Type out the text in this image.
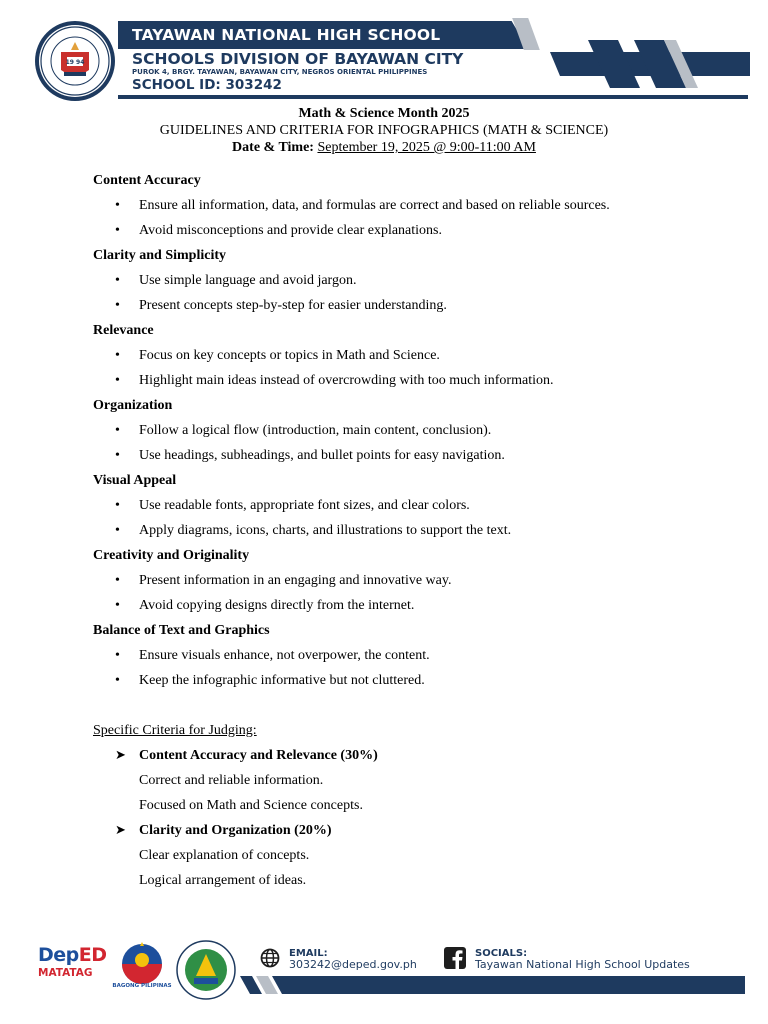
19 94
TAYAWAN NATIONAL HIGH SCHOOL
SCHOOLS DIVISION OF BAYAWAN CITY
PUROK 4, BRGY. TAYAWAN, BAYAWAN CITY, NEGROS ORIENTAL PHILIPPINES
SCHOOL ID: 303242
Math & Science Month 2025
GUIDELINES AND CRITERIA FOR INFOGRAPHICS (MATH & SCIENCE)
Date & Time: September 19, 2025 @ 9:00-11:00 AM
Content Accuracy
• Ensure all information, data, and formulas are correct and based on reliable sources.
• Avoid misconceptions and provide clear explanations.
Clarity and Simplicity
• Use simple language and avoid jargon.
• Present concepts step-by-step for easier understanding.
Relevance
• Focus on key concepts or topics in Math and Science.
• Highlight main ideas instead of overcrowding with too much information.
Organization
• Follow a logical flow (introduction, main content, conclusion).
• Use headings, subheadings, and bullet points for easy navigation.
Visual Appeal
• Use readable fonts, appropriate font sizes, and clear colors.
• Apply diagrams, icons, charts, and illustrations to support the text.
Creativity and Originality
• Present information in an engaging and innovative way.
• Avoid copying designs directly from the internet.
Balance of Text and Graphics
• Ensure visuals enhance, not overpower, the content.
• Keep the infographic informative but not cluttered.
Specific Criteria for Judging:
➤ Content Accuracy and Relevance (30%)
Correct and reliable information.
Focused on Math and Science concepts.
➤ Clarity and Organization (20%)
Clear explanation of concepts.
Logical arrangement of ideas.
DepED
MATATAG
BAGONG PILIPINAS
EMAIL:
303242@deped.gov.ph
SOCIALS:
Tayawan National High School Updates
